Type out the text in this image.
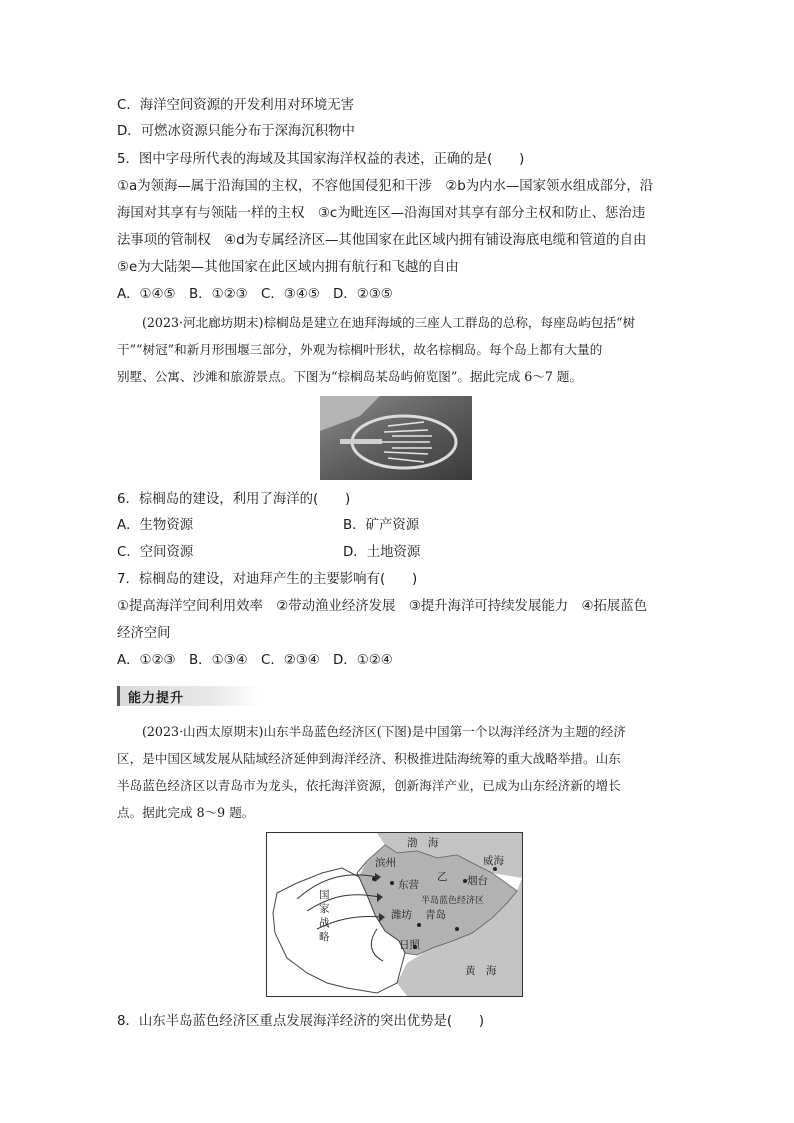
C．海洋空间资源的开发利用对环境无害
D．可燃冰资源只能分布于深海沉积物中
5．图中字母所代表的海域及其国家海洋权益的表述，正确的是(　　)
①a为领海—属于沿海国的主权，不容他国侵犯和干涉　②b为内水—国家领水组成部分，沿
海国对其享有与领陆一样的主权　③c为毗连区—沿海国对其享有部分主权和防止、惩治违
法事项的管制权　④d为专属经济区—其他国家在此区域内拥有铺设海底电缆和管道的自由
⑤e为大陆架—其他国家在此区域内拥有航行和飞越的自由
A．①④⑤	B．①②③	C．③④⑤ D．②③⑤
(2023·河北廊坊期末)棕榈岛是建立在迪拜海域的三座人工群岛的总称，每座岛屿包括“树
干”“树冠”和新月形围堰三部分，外观为棕榈叶形状，故名棕榈岛。每个岛上都有大量的
别墅、公寓、沙滩和旅游景点。下图为“棕榈岛某岛屿俯览图”。据此完成 6～7 题。
6．棕榈岛的建设，利用了海洋的(　　)
A．生物资源	B．矿产资源
C．空间资源	D．土地资源
7．棕榈岛的建设，对迪拜产生的主要影响有(　　)
①提高海洋空间利用效率　②带动渔业经济发展　③提升海洋可持续发展能力　④拓展蓝色
经济空间
A．①②③	B．①③④	C．②③④ D．①②④
能力提升
(2023·山西太原期末)山东半岛蓝色经济区(下图)是中国第一个以海洋经济为主题的经济
区，是中国区域发展从陆域经济延伸到海洋经济、积极推进陆海统筹的重大战略举措。山东
半岛蓝色经济区以青岛市为龙头，依托海洋资源，创新海洋产业，已成为山东经济新的增长
点。据此完成 8～9 题。
渤　海
威海
滨州
乙 烟台
东营
半岛蓝色经济区
国
家
战
略
潍坊 青岛
日照
黄　海
8．山东半岛蓝色经济区重点发展海洋经济的突出优势是(　　)
